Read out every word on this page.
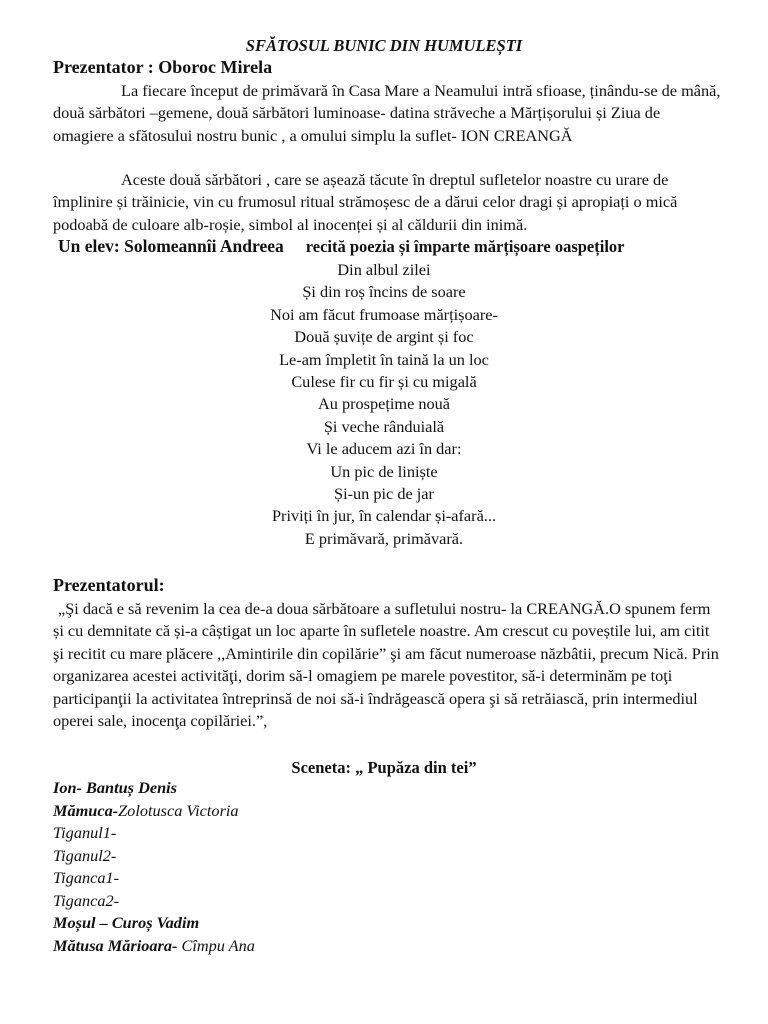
SFĂTOSUL BUNIC DIN HUMULEȘTI
Prezentator : Oboroc Mirela

La fiecare început de primăvară în Casa Mare a Neamului intră sfioase, ținându-se de mână, două sărbători –gemene, două sărbători luminoase- datina străveche a Mărțișorului și Ziua de omagiere a sfătosului nostru bunic , a omului simplu la suflet- ION CREANGĂ

Aceste două sărbători , care se așează tăcute în dreptul sufletelor noastre cu urare de împlinire și trăinicie, vin cu frumosul ritual strămoșesc de a dărui celor dragi și apropiați o mică podoabă de culoare alb-roșie, simbol al inocenței și al căldurii din inimă.

Un elev: Solomeannîi Andreea recită poezia și împarte mărțișoare oaspeților

Din albul zilei
Și din roș încins de soare
Noi am făcut frumoase mărțișoare-
Două șuvițe de argint și foc
Le-am împletit în taină la un loc
Culese fir cu fir și cu migală
Au prospețime nouă
Și veche rânduială
Vi le aducem azi în dar:
Un pic de liniște
Și-un pic de jar
Priviți în jur, în calendar și-afară...
E primăvară, primăvară.
Prezentatorul:

„Şi dacă e să revenim la cea de-a doua sărbătoare a sufletului nostru- la CREANGĂ.O spunem ferm și cu demnitate că și-a câștigat un loc aparte în sufletele noastre. Am crescut cu poveștile lui, am citit şi recitit cu mare plăcere ,,Amintirile din copilărie” şi am făcut numeroase năzbâtii, precum Nică. Prin organizarea acestei activităţi, dorim să-l omagiem pe marele povestitor, să-i determinăm pe toţi participanţii la activitatea întreprinsă de noi să-i îndrăgească opera şi să retrăiască, prin intermediul operei sale, inocenţa copilăriei.”,

Sceneta: „ Pupăza din tei”
Ion- Bantuș Denis
Mămuca-Zolotusca Victoria
Tiganul1-
Tiganul2-
Tiganca1-
Tiganca2-
Moșul – Curoș Vadim
Mătusa Mărioara- Cîmpu Ana
